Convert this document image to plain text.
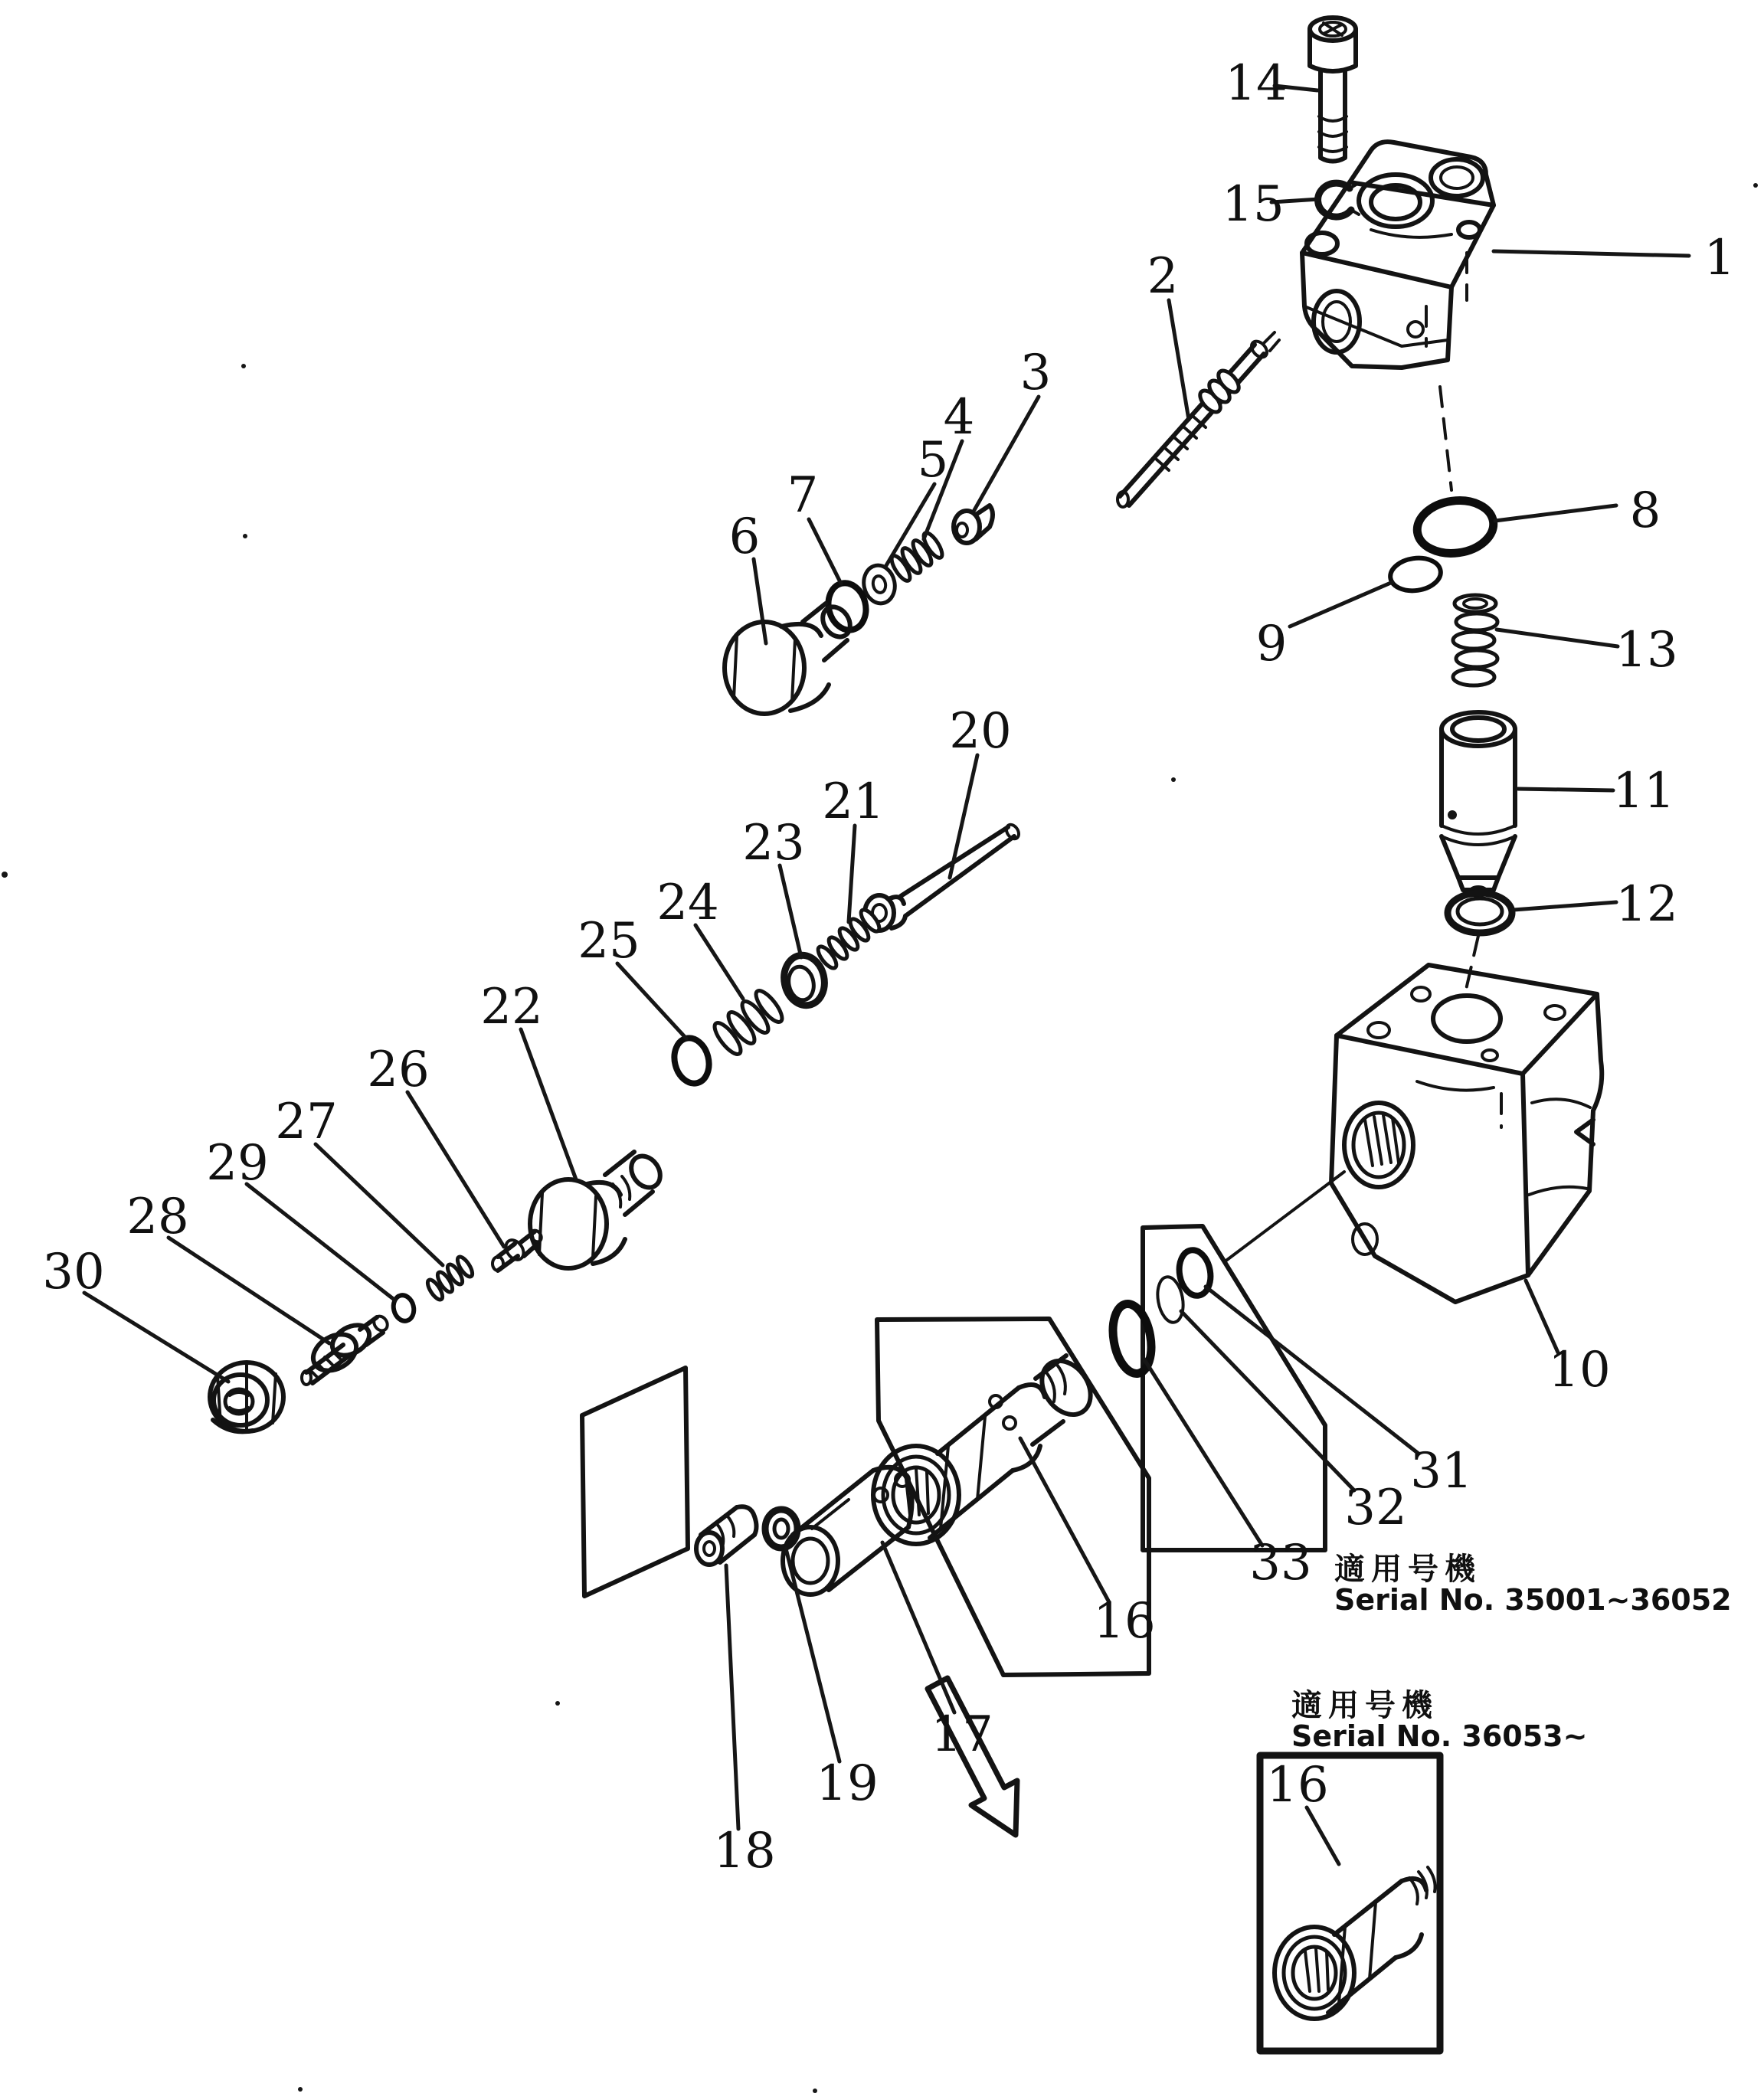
1
2
3
4
5
6
7	8
9
10
11
12
13
14
15
16
16
17
18
19
20
21
22
23
24
25
26
27
28
29
30
31
32
33 適用号機
Serial No. 35001~36052
適用号機
Serial No. 36053~
